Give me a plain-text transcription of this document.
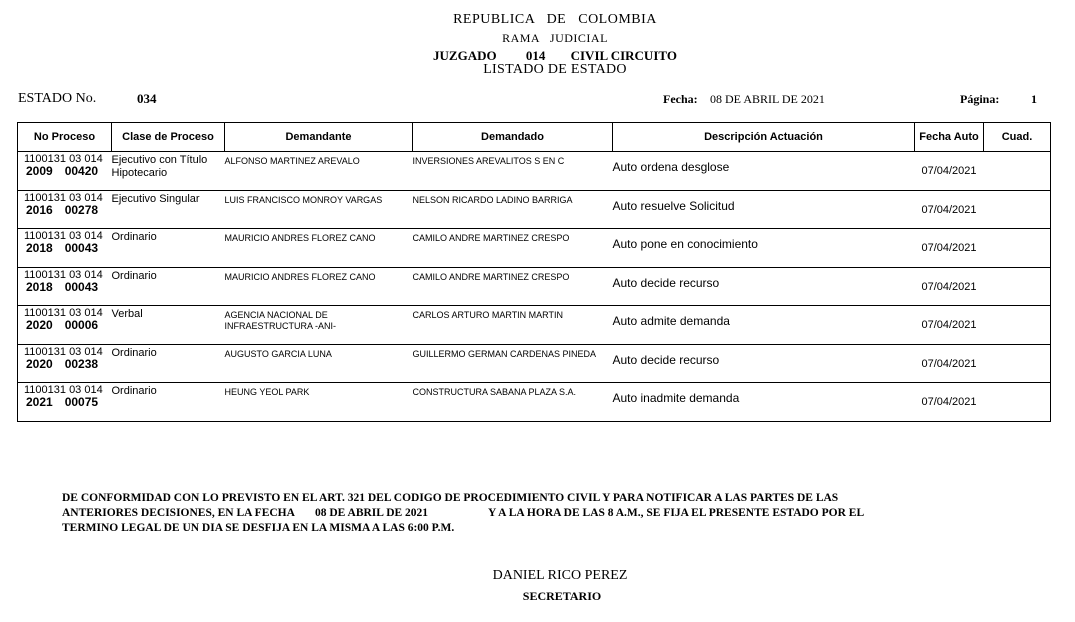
REPUBLICA   DE   COLOMBIA
RAMA   JUDICIAL
JUZGADO 014 CIVIL CIRCUITO
LISTADO DE ESTADO
ESTADO No.	034	Fecha: 08 DE ABRIL DE 2021	Página:	1
No Proceso	Clase de Proceso	Demandante	Demandado	Descripción Actuación	Fecha Auto	Cuad.

1100131 03 014
2009 00420	Ejecutivo con Título Hipotecario	ALFONSO MARTINEZ AREVALO	INVERSIONES AREVALITOS S EN C	Auto ordena desglose	07/04/2021	

1100131 03 014
2016 00278	Ejecutivo Singular	LUIS FRANCISCO MONROY VARGAS	NELSON RICARDO LADINO BARRIGA	Auto resuelve Solicitud	07/04/2021	

1100131 03 014
2018 00043	Ordinario	MAURICIO ANDRES FLOREZ CANO	CAMILO ANDRE MARTINEZ CRESPO	Auto pone en conocimiento	07/04/2021	

1100131 03 014
2018 00043	Ordinario	MAURICIO ANDRES FLOREZ CANO	CAMILO ANDRE MARTINEZ CRESPO	Auto decide recurso	07/04/2021	

1100131 03 014
2020 00006	Verbal	AGENCIA NACIONAL DE INFRAESTRUCTURA -ANI-	CARLOS ARTURO MARTIN MARTIN	Auto admite demanda	07/04/2021	

1100131 03 014
2020 00238	Ordinario	AUGUSTO GARCIA LUNA	GUILLERMO GERMAN CARDENAS PINEDA	Auto decide recurso	07/04/2021	

1100131 03 014
2021 00075	Ordinario	HEUNG YEOL PARK	CONSTRUCTURA SABANA PLAZA S.A.	Auto inadmite demanda	07/04/2021	
DE CONFORMIDAD CON LO PREVISTO EN EL ART. 321 DEL CODIGO DE PROCEDIMIENTO CIVIL Y PARA NOTIFICAR A LAS PARTES DE LAS
ANTERIORES DECISIONES, EN LA FECHA 08 DE ABRIL DE 2021	Y A LA HORA DE LAS 8 A.M., SE FIJA EL PRESENTE ESTADO POR EL
TERMINO LEGAL DE UN DIA SE DESFIJA EN LA MISMA A LAS 6:00 P.M.
DANIEL RICO PEREZ
SECRETARIO
